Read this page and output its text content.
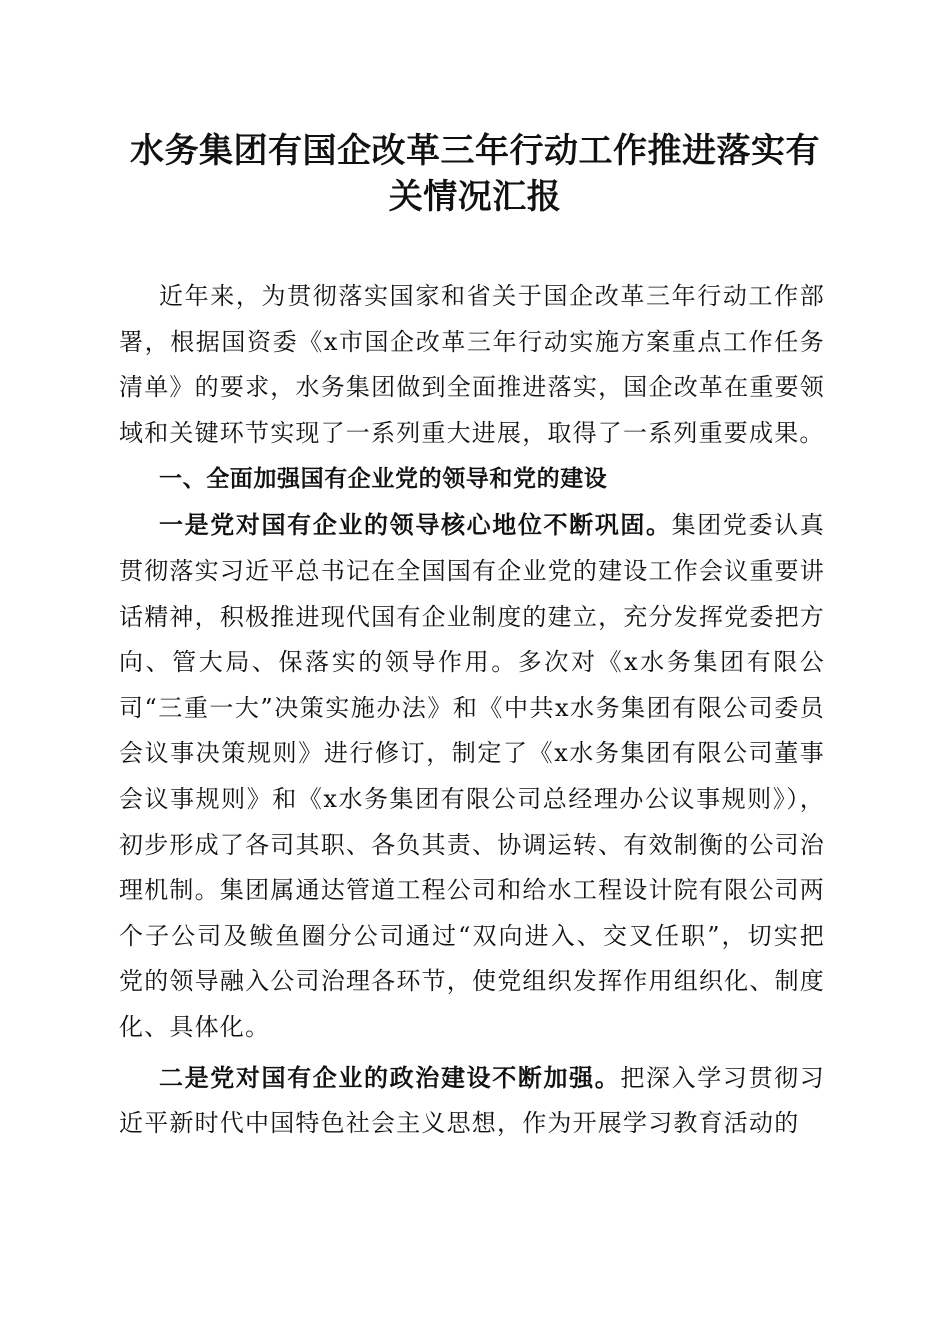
水务集团有国企改革三年行动工作推进落实有
关情况汇报

近年来，为贯彻落实国家和省关于国企改革三年行动工作部署，根据国资委《x市国企改革三年行动实施方案重点工作任务清单》的要求，水务集团做到全面推进落实，国企改革在重要领域和关键环节实现了一系列重大进展，取得了一系列重要成果。

一、全面加强国有企业党的领导和党的建设

一是党对国有企业的领导核心地位不断巩固。集团党委认真贯彻落实习近平总书记在全国国有企业党的建设工作会议重要讲话精神，积极推进现代国有企业制度的建立，充分发挥党委把方向、管大局、保落实的领导作用。多次对《x水务集团有限公司“三重一大”决策实施办法》和《中共x水务集团有限公司委员会议事决策规则》进行修订，制定了《x水务集团有限公司董事会议事规则》和《x水务集团有限公司总经理办公议事规则》），初步形成了各司其职、各负其责、协调运转、有效制衡的公司治理机制。集团属通达管道工程公司和给水工程设计院有限公司两个子公司及鲅鱼圈分公司通过“双向进入、交叉任职”，切实把党的领导融入公司治理各环节，使党组织发挥作用组织化、制度化、具体化。

二是党对国有企业的政治建设不断加强。把深入学习贯彻习近平新时代中国特色社会主义思想，作为开展学习教育活动的
